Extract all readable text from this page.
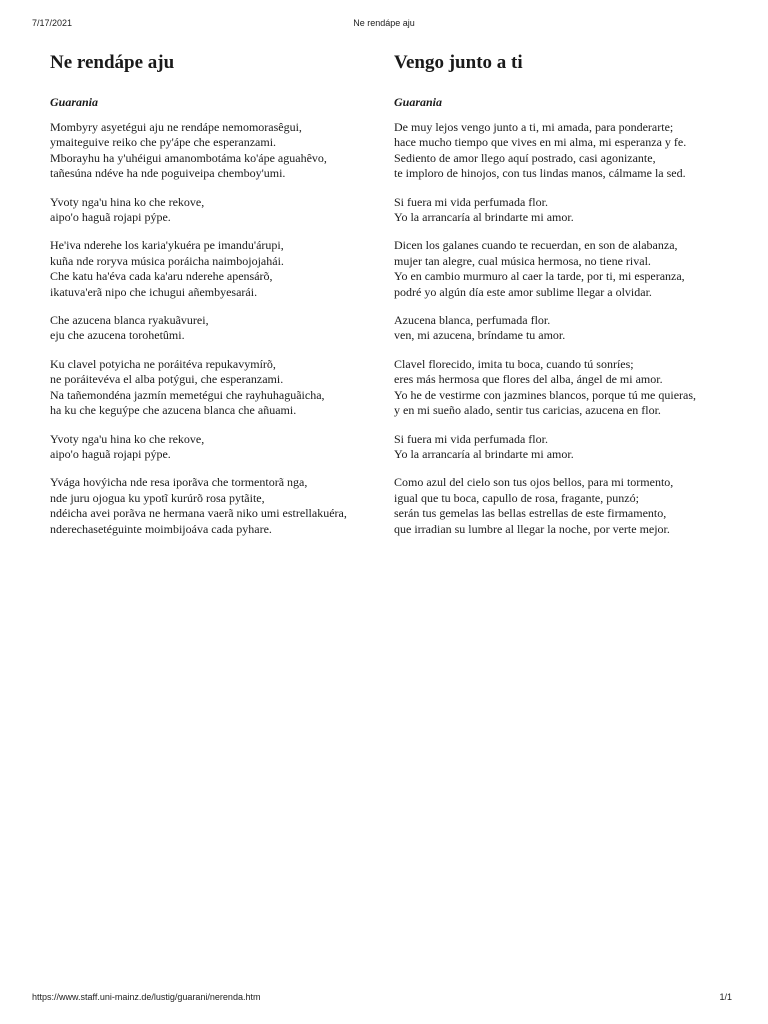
7/17/2021	Ne rendápe aju
Ne rendápe aju
Guarania
Mombyry asyetégui aju ne rendápe nemomorasêgui,
ymaiteguive reiko che py'ápe che esperanzami.
Mborayhu ha y'uhéigui amanombotáma ko'ápe aguahêvo,
tañesúna ndéve ha nde poguiveipa chemboy'umi.
Yvoty nga'u hina ko che rekove,
aipo'o haguã rojapi pýpe.
He'iva nderehe los karia'ykuéra pe imandu'árupi,
kuña nde roryva música poráicha naimbojojahái.
Che katu ha'éva cada ka'aru nderehe apensárõ,
ikatuva'erã nipo che ichugui añembyesarái.
Che azucena blanca ryakuãvurei,
eju che azucena torohetûmi.
Ku clavel potyicha ne poráitéva repukavymírõ,
ne poráitevéva el alba potýgui, che esperanzami.
Na tañemondéna jazmín memetégui che rayhuhaguãicha,
ha ku che keguýpe che azucena blanca che añuami.
Yvoty nga'u hina ko che rekove,
aipo'o haguã rojapi pýpe.
Yvága hovýicha nde resa iporãva che tormentorã nga,
nde juru ojogua ku ypotĩ kurúrõ rosa pytãite,
ndéicha avei porãva ne hermana vaerã niko umi estrellakuéra,
nderechasetéguinte moimbijoáva cada pyhare.
Vengo junto a ti
Guarania
De muy lejos vengo junto a ti, mi amada, para ponderarte;
hace mucho tiempo que vives en mi alma, mi esperanza y fe.
Sediento de amor llego aquí postrado, casi agonizante,
te imploro de hinojos, con tus lindas manos, cálmame la sed.
Si fuera mi vida perfumada flor.
Yo la arrancaría al brindarte mi amor.
Dicen los galanes cuando te recuerdan, en son de alabanza,
mujer tan alegre, cual música hermosa, no tiene rival.
Yo en cambio murmuro al caer la tarde, por ti, mi esperanza,
podré yo algún día este amor sublime llegar a olvidar.
Azucena blanca, perfumada flor.
ven, mi azucena, bríndame tu amor.
Clavel florecido, imita tu boca, cuando tú sonríes;
eres más hermosa que flores del alba, ángel de mi amor.
Yo he de vestirme con jazmines blancos, porque tú me quieras,
y en mi sueño alado, sentir tus caricias, azucena en flor.
Si fuera mi vida perfumada flor.
Yo la arrancaría al brindarte mi amor.
Como azul del cielo son tus ojos bellos, para mi tormento,
igual que tu boca, capullo de rosa, fragante, punzó;
serán tus gemelas las bellas estrellas de este firmamento,
que irradian su lumbre al llegar la noche, por verte mejor.
https://www.staff.uni-mainz.de/lustig/guarani/nerenda.htm	1/1
